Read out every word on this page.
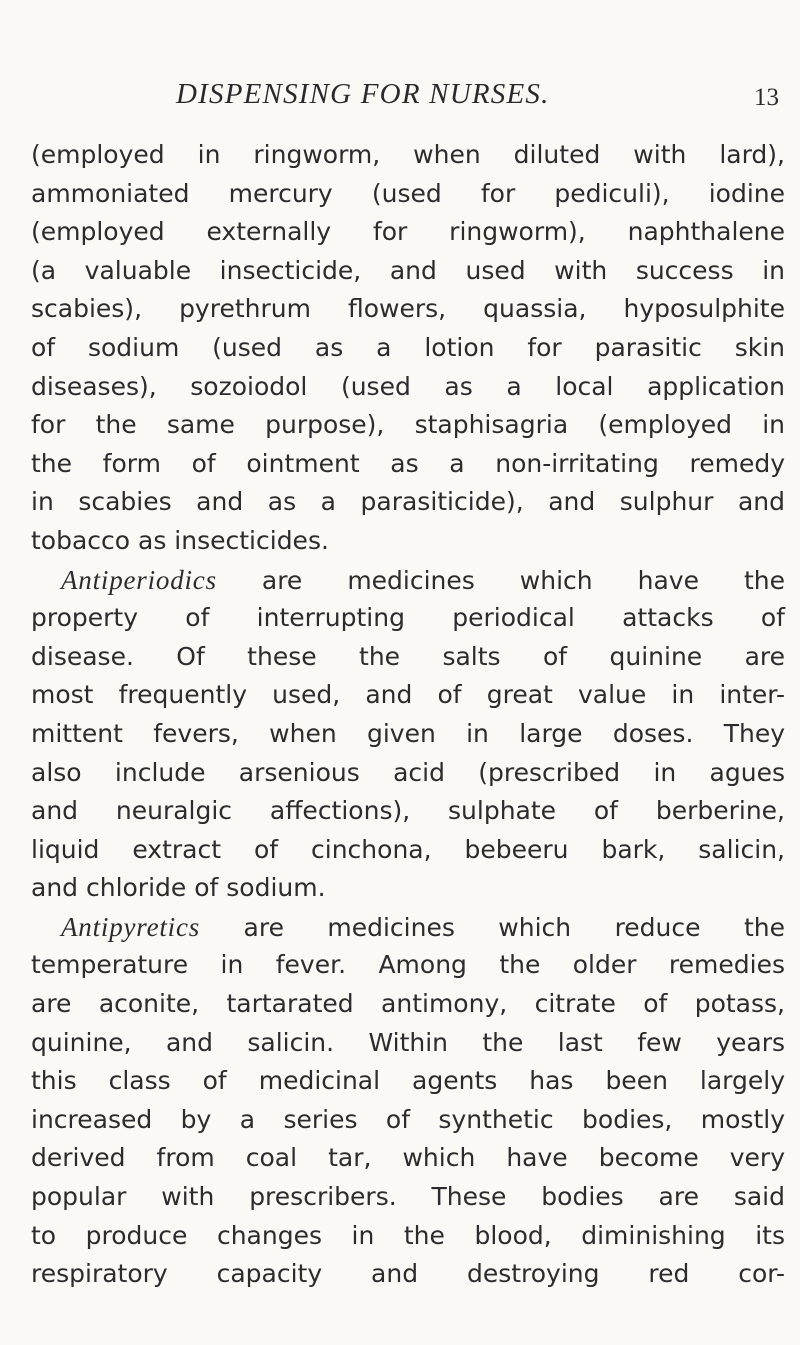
DISPENSING FOR NURSES.	13
(employed in ringworm, when diluted with lard),
ammoniated mercury (used for pediculi), iodine
(employed externally for ringworm), naphthalene
(a valuable insecticide, and used with success in
scabies), pyrethrum flowers, quassia, hyposulphite
of sodium (used as a lotion for parasitic skin
diseases), sozoiodol (used as a local application
for the same purpose), staphisagria (employed in
the form of ointment as a non-irritating remedy
in scabies and as a parasiticide), and sulphur and
tobacco as insecticides.
Antiperiodics are medicines which have the
property of interrupting periodical attacks of
disease. Of these the salts of quinine are
most frequently used, and of great value in inter-
mittent fevers, when given in large doses. They
also include arsenious acid (prescribed in agues
and neuralgic affections), sulphate of berberine,
liquid extract of cinchona, bebeeru bark, salicin,
and chloride of sodium.
Antipyretics are medicines which reduce the
temperature in fever. Among the older remedies
are aconite, tartarated antimony, citrate of potass,
quinine, and salicin. Within the last few years
this class of medicinal agents has been largely
increased by a series of synthetic bodies, mostly
derived from coal tar, which have become very
popular with prescribers. These bodies are said
to produce changes in the blood, diminishing its
respiratory capacity and destroying red cor-
